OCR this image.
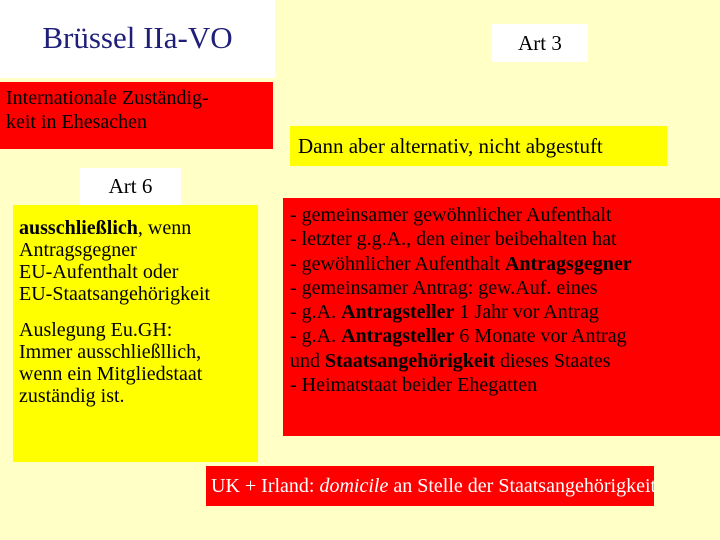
Brüssel IIa-VO	Art 3
Internationale Zuständig-
keit in Ehesachen
Dann aber alternativ, nicht abgestuft
Art 6

ausschließlich, wenn
Antragsgegner
EU-Aufenthalt oder
EU-Staatsangehörigkeit

Auslegung Eu.GH:
Immer ausschließllich,
wenn ein Mitgliedstaat
zuständig ist.

- gemeinsamer gewöhnlicher Aufenthalt
- letzter g.g.A., den einer beibehalten hat
- gewöhnlicher Aufenthalt Antragsgegner
- gemeinsamer Antrag: gew.Auf. eines
- g.A. Antragsteller 1 Jahr vor Antrag
- g.A. Antragsteller 6 Monate vor Antrag
und Staatsangehörigkeit dieses Staates
- Heimatstaat beider Ehegatten
UK + Irland: domicile an Stelle der Staatsangehörigkeit
